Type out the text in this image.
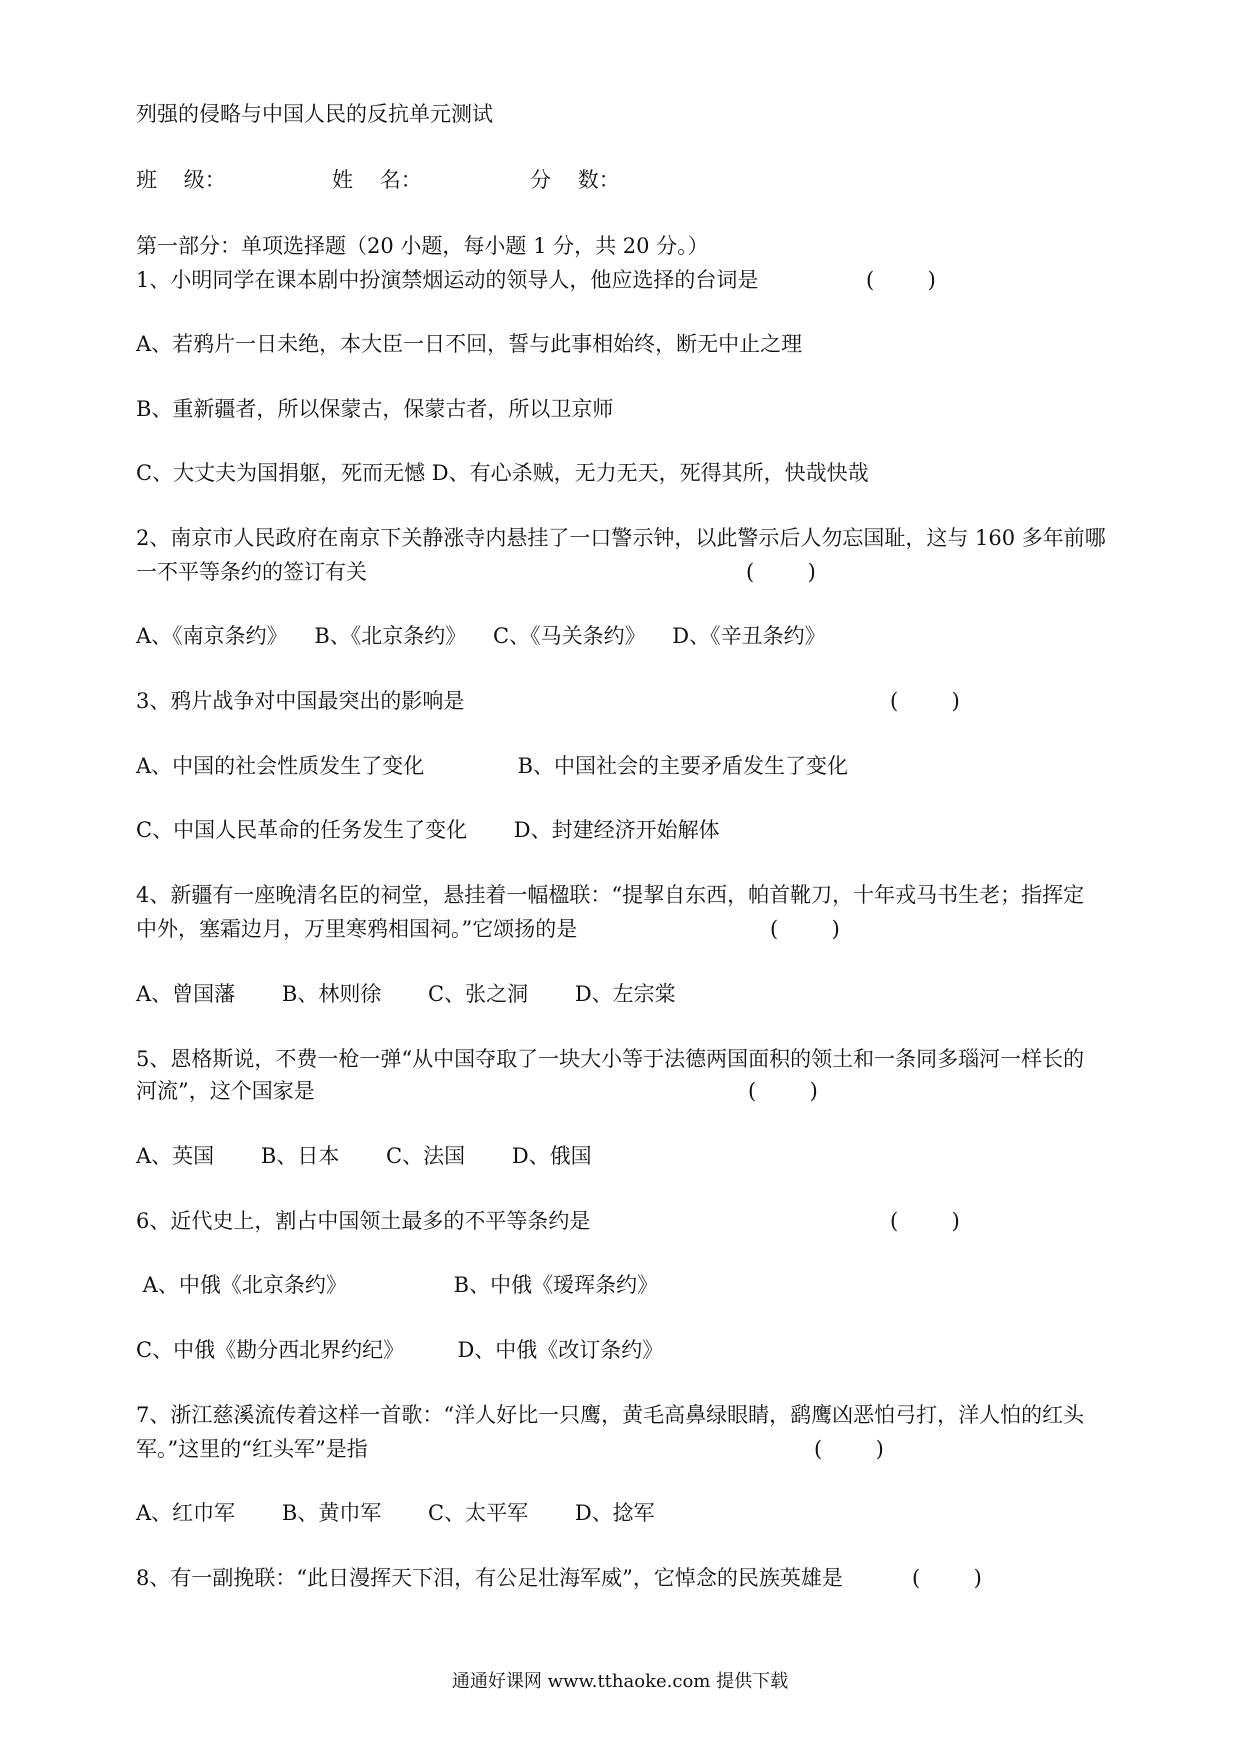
列强的侵略与中国人民的反抗单元测试
班    级：	姓    名：	分    数：
第一部分：单项选择题（20 小题，每小题 1 分，共 20 分。）
1、小明同学在课本剧中扮演禁烟运动的领导人，他应选择的台词是	(        )
A、若鸦片一日未绝，本大臣一日不回，誓与此事相始终，断无中止之理
B、重新疆者，所以保蒙古，保蒙古者，所以卫京师
C、大丈夫为国捐躯，死而无憾 D、有心杀贼，无力无天，死得其所，快哉快哉
2、南京市人民政府在南京下关静涨寺内悬挂了一口警示钟，以此警示后人勿忘国耻，这与 160 多年前哪
一不平等条约的签订有关	(        )
A、《南京条约》    B、《北京条约》    C、《马关条约》    D、《辛丑条约》
3、鸦片战争对中国最突出的影响是	(        )
A、中国的社会性质发生了变化              B、中国社会的主要矛盾发生了变化
C、中国人民革命的任务发生了变化       D、封建经济开始解体
4、新疆有一座晚清名臣的祠堂，悬挂着一幅楹联：“提挈自东西，帕首靴刀，十年戎马书生老；指挥定
中外，塞霜边月，万里寒鸦相国祠。”它颂扬的是	(        )
A、曾国藩       B、林则徐       C、张之洞       D、左宗棠
5、恩格斯说，不费一枪一弹“从中国夺取了一块大小等于法德两国面积的领土和一条同多瑙河一样长的
河流”，这个国家是	(        )
A、英国       B、日本       C、法国       D、俄国
6、近代史上，割占中国领土最多的不平等条约是	(        )
A、中俄《北京条约》                B、中俄《瑷珲条约》
C、中俄《勘分西北界约纪》        D、中俄《改订条约》
7、浙江慈溪流传着这样一首歌：“洋人好比一只鹰，黄毛高鼻绿眼睛，鹞鹰凶恶怕弓打，洋人怕的红头
军。”这里的“红头军”是指	(        )
A、红巾军       B、黄巾军       C、太平军       D、捻军
8、有一副挽联：“此日漫挥天下泪，有公足壮海军威”，它悼念的民族英雄是	(        )
通通好课网 www.tthaoke.com 提供下载
